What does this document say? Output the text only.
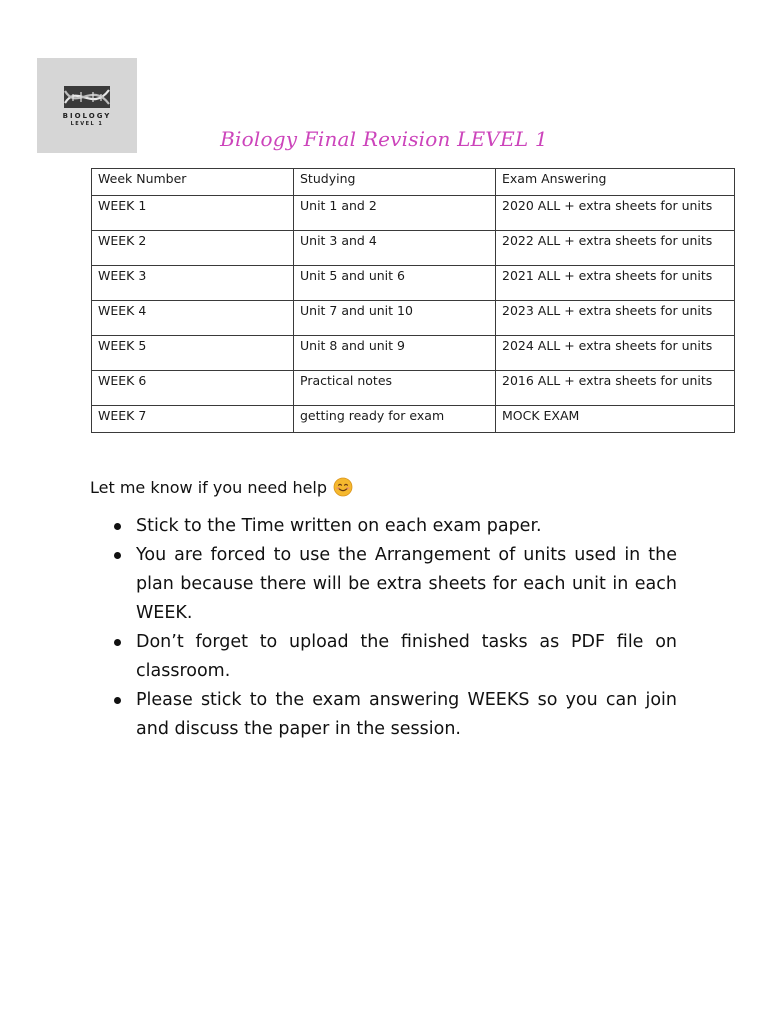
BIOLOGY
LEVEL 1
Biology Final Revision LEVEL 1
Week Number	Studying	Exam Answering
WEEK 1	Unit 1 and 2	2020 ALL + extra sheets for units
WEEK 2	Unit 3 and 4	2022 ALL + extra sheets for units
WEEK 3	Unit 5 and unit 6	2021 ALL + extra sheets for units
WEEK 4	Unit 7 and unit 10	2023 ALL + extra sheets for units
WEEK 5	Unit 8 and unit 9	2024 ALL + extra sheets for units
WEEK 6	Practical notes	2016 ALL + extra sheets for units
WEEK 7	getting ready for exam	MOCK EXAM
Let me know if you need help
Stick to the Time written on each exam paper.
You are forced to use the Arrangement of units used in the plan because there will be extra sheets for each unit in each WEEK.
Don’t forget to upload the finished tasks as PDF file on classroom.
Please stick to the exam answering WEEKS so you can join and discuss the paper in the session.
